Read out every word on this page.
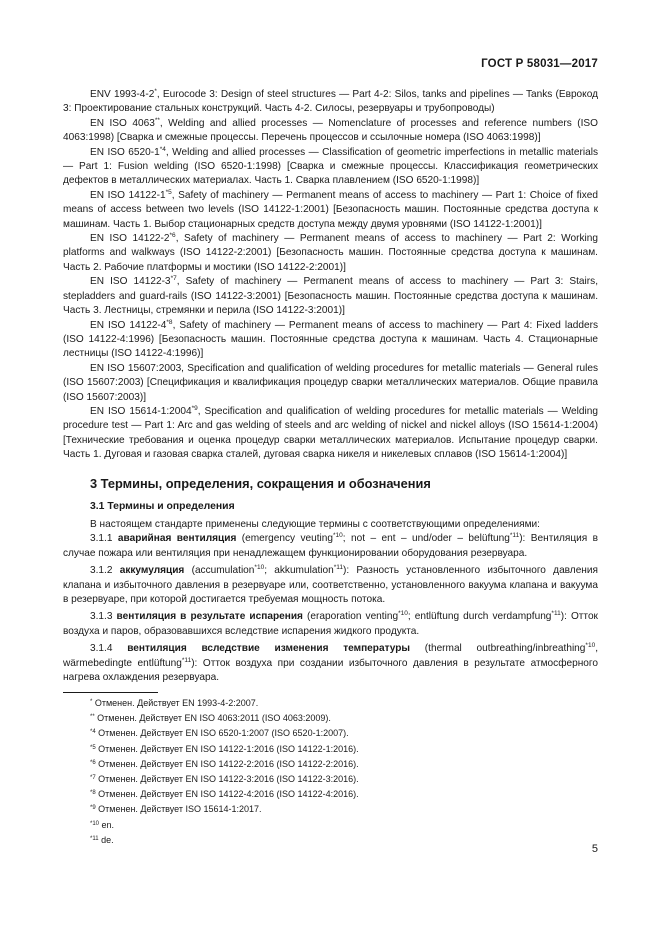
ГОСТ Р 58031—2017

ENV 1993-4-2*, Eurocode 3: Design of steel structures — Part 4-2: Silos, tanks and pipelines — Tanks (Еврокод 3: Проектирование стальных конструкций. Часть 4-2. Силосы, резервуары и трубопроводы)

EN ISO 4063**, Welding and allied processes — Nomenclature of processes and reference numbers (ISO 4063:1998) [Сварка и смежные процессы. Перечень процессов и ссылочные номера (ISO 4063:1998)]

EN ISO 6520-1$^{*4}$, Welding and allied processes — Classification of geometric imperfections in metallic materials — Part 1: Fusion welding (ISO 6520-1:1998) [Сварка и смежные процессы. Классификация геометрических дефектов в металлических материалах. Часть 1. Сварка плавлением (ISO 6520-1:1998)]

EN ISO 14122-1$^{*5}$, Safety of machinery — Permanent means of access to machinery — Part 1: Choice of fixed means of access between two levels (ISO 14122-1:2001) [Безопасность машин. Постоянные средства доступа к машинам. Часть 1. Выбор стационарных средств доступа между двумя уровнями (ISO 14122-1:2001)]

EN ISO 14122-2$^{*6}$, Safety of machinery — Permanent means of access to machinery — Part 2: Working platforms and walkways (ISO 14122-2:2001) [Безопасность машин. Постоянные средства доступа к машинам. Часть 2. Рабочие платформы и мостики (ISO 14122-2:2001)]

EN ISO 14122-3$^{*7}$, Safety of machinery — Permanent means of access to machinery — Part 3: Stairs, stepladders and guard-rails (ISO 14122-3:2001) [Безопасность машин. Постоянные средства доступа к машинам. Часть 3. Лестницы, стремянки и перила (ISO 14122-3:2001)]

EN ISO 14122-4$^{*8}$, Safety of machinery — Permanent means of access to machinery — Part 4: Fixed ladders (ISO 14122-4:1996) [Безопасность машин. Постоянные средства доступа к машинам. Часть 4. Стационарные лестницы (ISO 14122-4:1996)]

EN ISO 15607:2003, Specification and qualification of welding procedures for metallic materials — General rules (ISO 15607:2003) [Спецификация и квалификация процедур сварки металлических материалов. Общие правила (ISO 15607:2003)]

EN ISO 15614-1:2004$^{*9}$, Specification and qualification of welding procedures for metallic materials — Welding procedure test — Part 1: Arc and gas welding of steels and arc welding of nickel and nickel alloys (ISO 15614-1:2004) [Технические требования и оценка процедур сварки металлических материалов. Испытание процедур сварки. Часть 1. Дуговая и газовая сварка сталей, дуговая сварка никеля и никелевых сплавов (ISO 15614-1:2004)]

3 Термины, определения, сокращения и обозначения
3.1 Термины и определения

В настоящем стандарте применены следующие термины с соответствующими определениями:

3.1.1 аварийная вентиляция (emergency veuting$^{*10}$; not – ent – und/oder – belüftung$^{*11}$): Вентиляция в случае пожара или вентиляция при ненадлежащем функционировании оборудования резервуара.

3.1.2 аккумуляция (accumulation$^{*10}$; akkumulation$^{*11}$): Разность установленного избыточного давления клапана и избыточного давления в резервуаре или, соответственно, установленного вакуума клапана и вакуума в резервуаре, при которой достигается требуемая мощность потока.

3.1.3 вентиляция в результате испарения (eraporation venting$^{*10}$; entlüftung durch verdampfung$^{*11}$): Отток воздуха и паров, образовавшихся вследствие испарения жидкого продукта.

3.1.4 вентиляция вследствие изменения температуры (thermal outbreathing/inbreathing$^{*10}$, wärmebedingte entlüftung$^{*11}$): Отток воздуха при создании избыточного давления в результате атмосферного нагрева охлаждения резервуара.

* Отменен. Действует EN 1993-4-2:2007.
** Отменен. Действует EN ISO 4063:2011 (ISO 4063:2009).
$^{*4}$ Отменен. Действует EN ISO 6520-1:2007 (ISO 6520-1:2007).
$^{*5}$ Отменен. Действует EN ISO 14122-1:2016 (ISO 14122-1:2016).
$^{*6}$ Отменен. Действует EN ISO 14122-2:2016 (ISO 14122-2:2016).
$^{*7}$ Отменен. Действует EN ISO 14122-3:2016 (ISO 14122-3:2016).
$^{*8}$ Отменен. Действует EN ISO 14122-4:2016 (ISO 14122-4:2016).
$^{*9}$ Отменен. Действует ISO 15614-1:2017.
$^{*10}$ en.
$^{*11}$ de.
5
